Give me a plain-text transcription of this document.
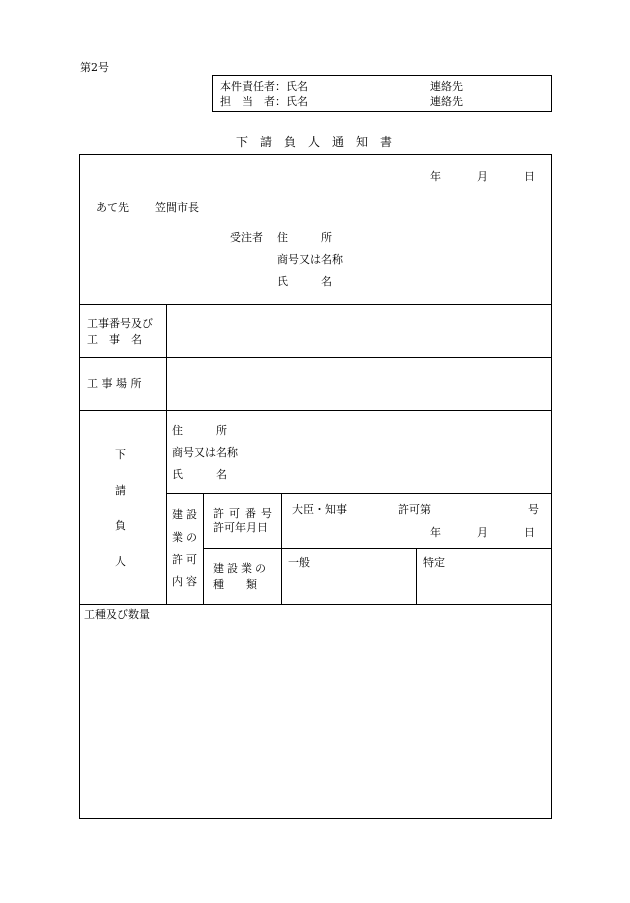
第2号
本件責任者：氏名	連絡先
担　当　者：氏名	連絡先
下　請　負　人　通　知　書
年	月	日
あて先 笠間市長
受注者 住　　　所
商号又は名称
氏　　　名
工事番号及び
工　事　名
工 事 場 所
下
請
負
人
住　　　所
商号又は名称
氏　　　名
建設
業の
許可
内容
許可番号
許可年月日
大臣・知事	許可第	号
年	月	日
建設業の
種　　類
一般	特定
工種及び数量
